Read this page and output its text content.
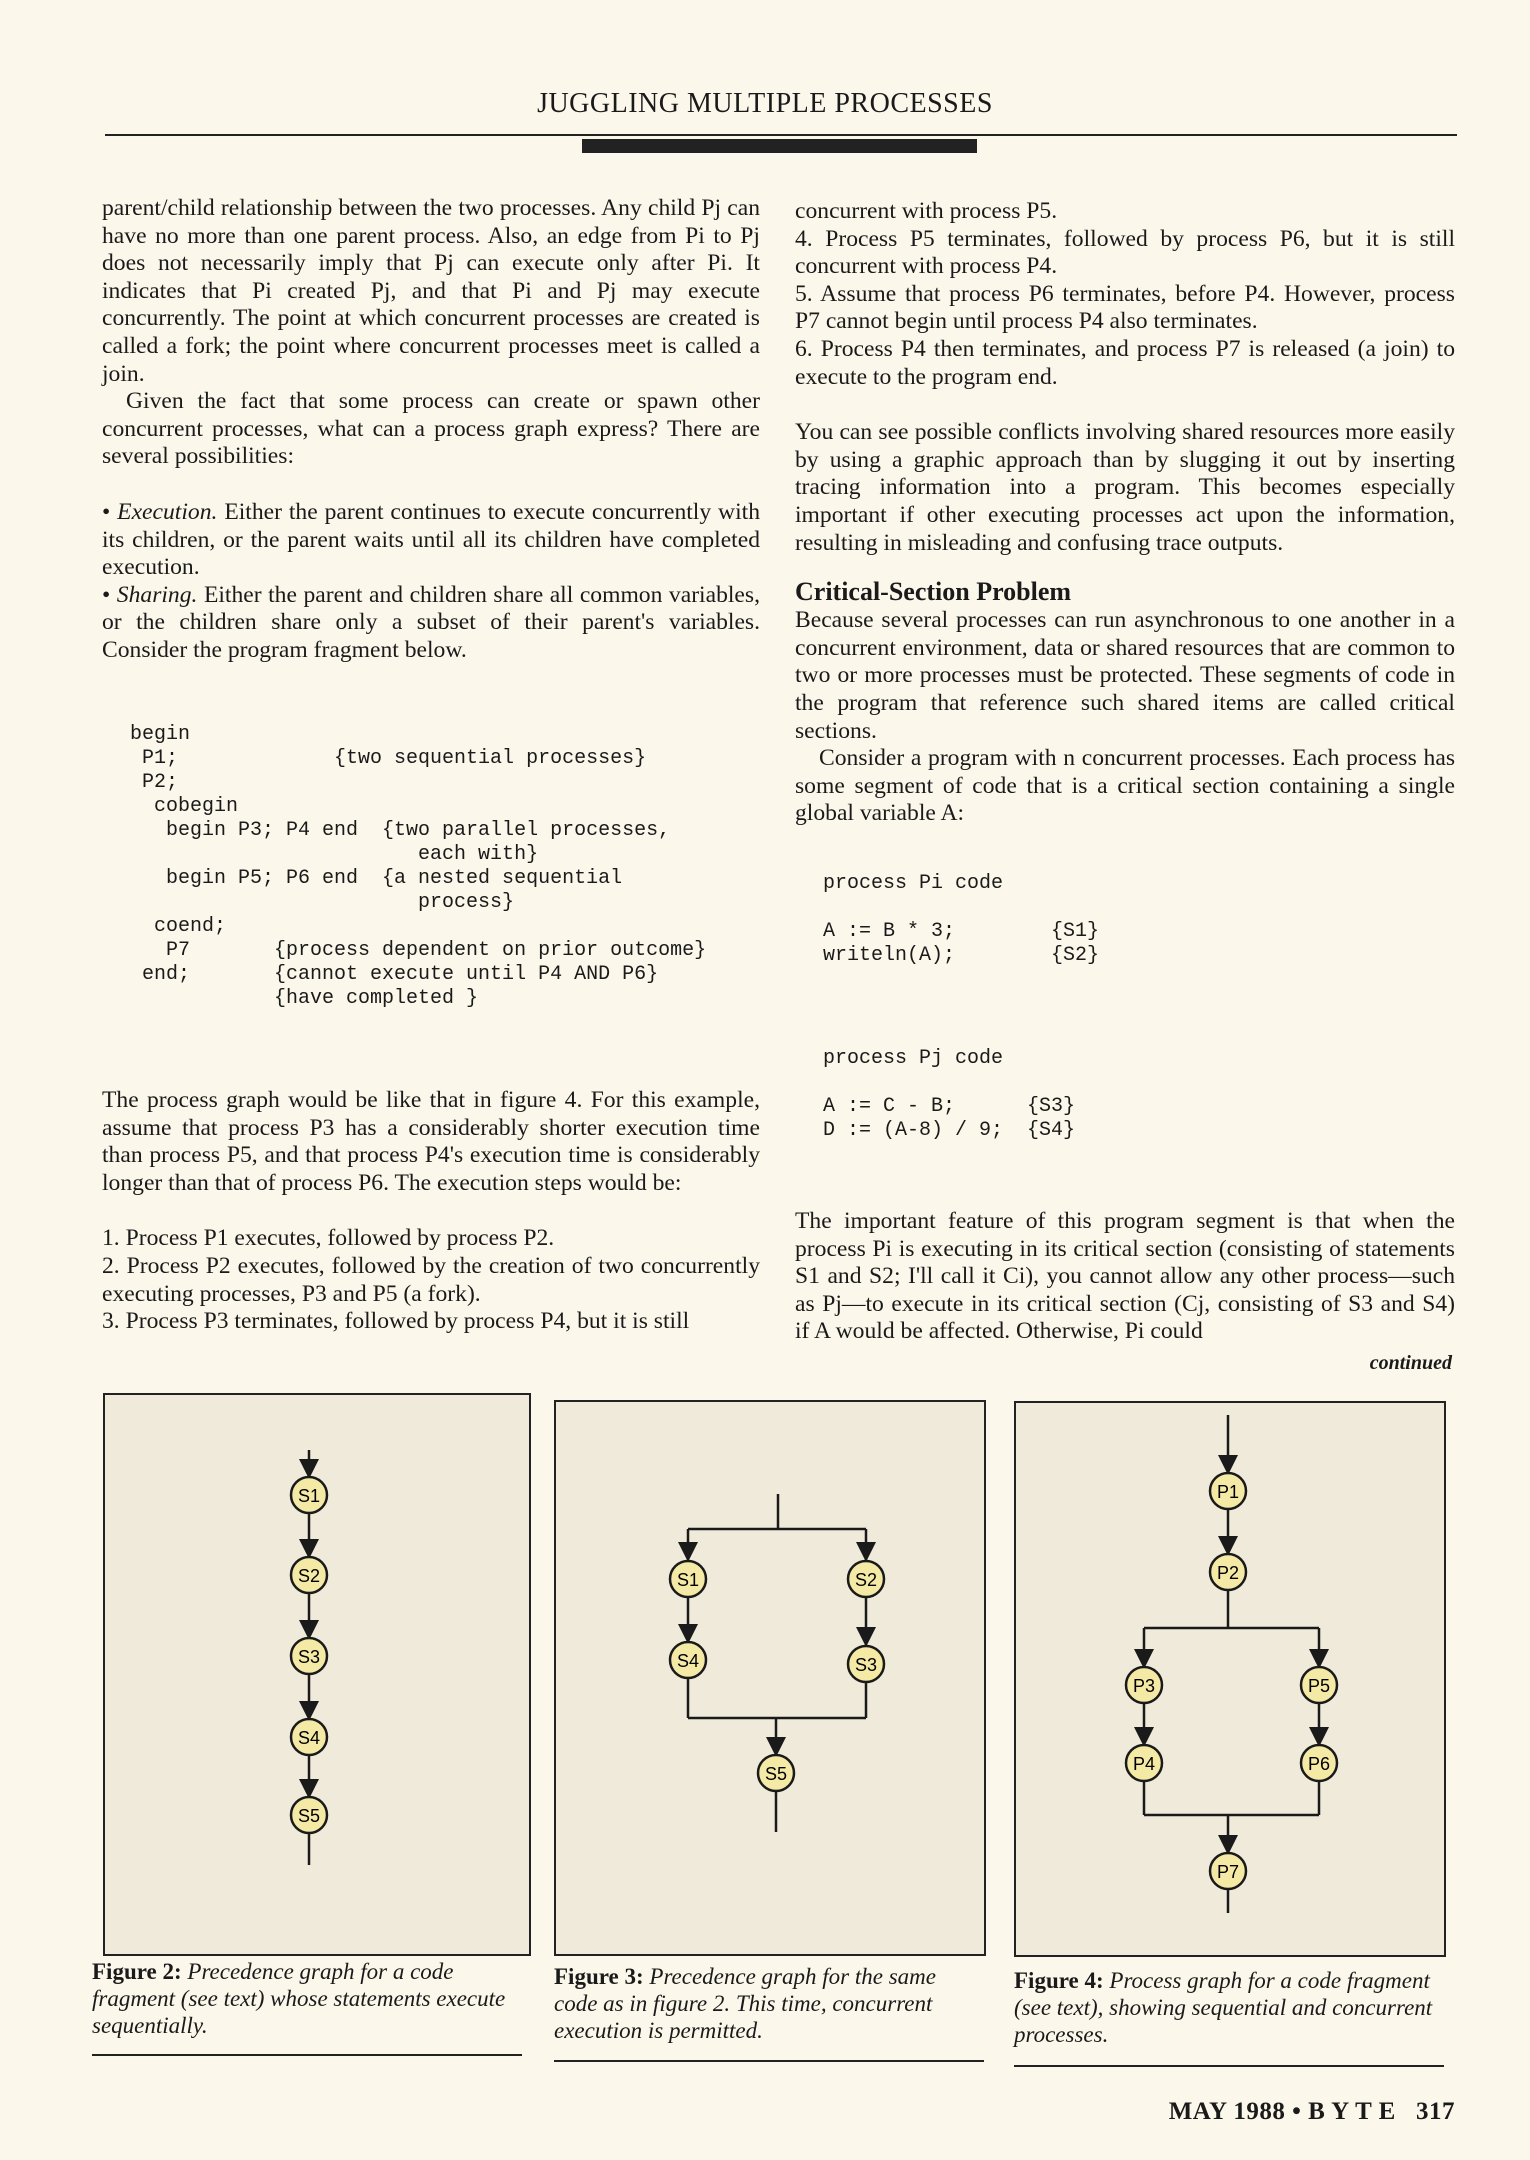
JUGGLING MULTIPLE PROCESSES

parent/child relationship between the two processes. Any child Pj can have no more than one parent process. Also, an edge from Pi to Pj does not necessarily imply that Pj can execute only after Pi. It indicates that Pi created Pj, and that Pi and Pj may execute concurrently. The point at which concurrent processes are created is called a fork; the point where concurrent processes meet is called a join.

Given the fact that some process can create or spawn other concurrent processes, what can a process graph express? There are several possibilities:

• Execution. Either the parent continues to execute concurrently with its children, or the parent waits until all its children have completed execution.

• Sharing. Either the parent and children share all common variables, or the children share only a subset of their parent's variables. Consider the program fragment below.

begin
P1;             {two sequential processes}
P2;
cobegin
begin P3; P4 end  {two parallel processes,
each with}
begin P5; P6 end  {a nested sequential
process}
coend;
P7       {process dependent on prior outcome}
end;       {cannot execute until P4 AND P6}
{have completed }

The process graph would be like that in figure 4. For this example, assume that process P3 has a considerably shorter execution time than process P5, and that process P4's execution time is considerably longer than that of process P6. The execution steps would be:

1. Process P1 executes, followed by process P2.

2. Process P2 executes, followed by the creation of two concurrently executing processes, P3 and P5 (a fork).

3. Process P3 terminates, followed by process P4, but it is still

concurrent with process P5.

4. Process P5 terminates, followed by process P6, but it is still concurrent with process P4.

5. Assume that process P6 terminates, before P4. However, process P7 cannot begin until process P4 also terminates.

6. Process P4 then terminates, and process P7 is released (a join) to execute to the program end.

You can see possible conflicts involving shared resources more easily by using a graphic approach than by slugging it out by inserting tracing information into a program. This becomes especially important if other executing processes act upon the information, resulting in misleading and confusing trace outputs.

Critical-Section Problem

Because several processes can run asynchronous to one another in a concurrent environment, data or shared resources that are common to two or more processes must be protected. These segments of code in the program that reference such shared items are called critical sections.

Consider a program with n concurrent processes. Each process has some segment of code that is a critical section containing a single global variable A:

process Pi code

A := B * 3;        {S1}
writeln(A);        {S2}
process Pj code

A := C - B;      {S3}
D := (A-8) / 9;  {S4}

The important feature of this program segment is that when the process Pi is executing in its critical section (consisting of statements S1 and S2; I'll call it Ci), you cannot allow any other process—such as Pj—to execute in its critical section (Cj, consisting of S3 and S4) if A would be affected. Otherwise, Pi could

continued
S1
S2
S3
S4
S5
Figure 2: Precedence graph for a code fragment (see text) whose statements execute sequentially.
S1
S4
S2
S3
S5
Figure 3: Precedence graph for the same code as in figure 2. This time, concurrent execution is permitted.
P1
P2
P3
P4
P5
P6
P7
Figure 4: Process graph for a code fragment (see text), showing sequential and concurrent processes.
MAY 1988 • B Y T E   317
